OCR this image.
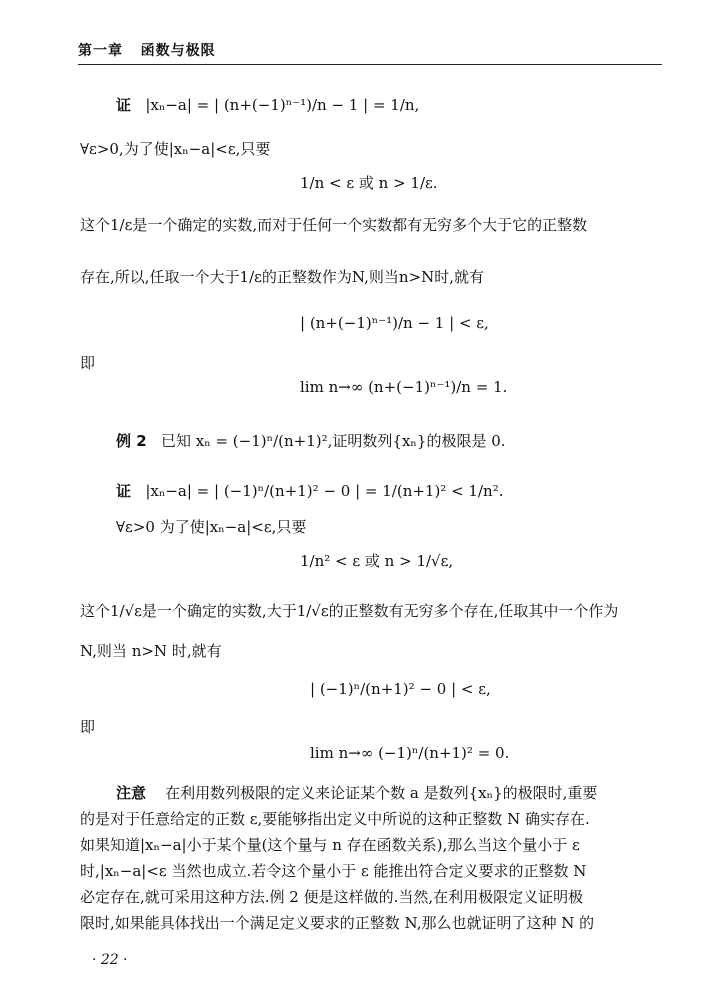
第一章 函数与极限
证 |xₙ−a| = | (n+(−1)ⁿ⁻¹)/n − 1 | = 1/n,
∀ε>0,为了使|xₙ−a|<ε,只要
1/n < ε 或 n > 1/ε.
这个1/ε是一个确定的实数,而对于任何一个实数都有无穷多个大于它的正整数
存在,所以,任取一个大于1/ε的正整数作为N,则当n>N时,就有
| (n+(−1)ⁿ⁻¹)/n − 1 | < ε,
即
lim n→∞ (n+(−1)ⁿ⁻¹)/n = 1.
例 2 已知 xₙ = (−1)ⁿ/(n+1)²,证明数列{xₙ}的极限是 0.
证 |xₙ−a| = | (−1)ⁿ/(n+1)² − 0 | = 1/(n+1)² < 1/n².
∀ε>0 为了使|xₙ−a|<ε,只要
1/n² < ε 或 n > 1/√ε,
这个1/√ε是一个确定的实数,大于1/√ε的正整数有无穷多个存在,任取其中一个作为
N,则当 n>N 时,就有
| (−1)ⁿ/(n+1)² − 0 | < ε,
即
lim n→∞ (−1)ⁿ/(n+1)² = 0.
注意 在利用数列极限的定义来论证某个数 a 是数列{xₙ}的极限时,重要
的是对于任意给定的正数 ε,要能够指出定义中所说的这种正整数 N 确实存在.
如果知道|xₙ−a|小于某个量(这个量与 n 存在函数关系),那么当这个量小于 ε
时,|xₙ−a|<ε 当然也成立.若令这个量小于 ε 能推出符合定义要求的正整数 N
必定存在,就可采用这种方法.例 2 便是这样做的.当然,在利用极限定义证明极
限时,如果能具体找出一个满足定义要求的正整数 N,那么也就证明了这种 N 的
· 22 ·
